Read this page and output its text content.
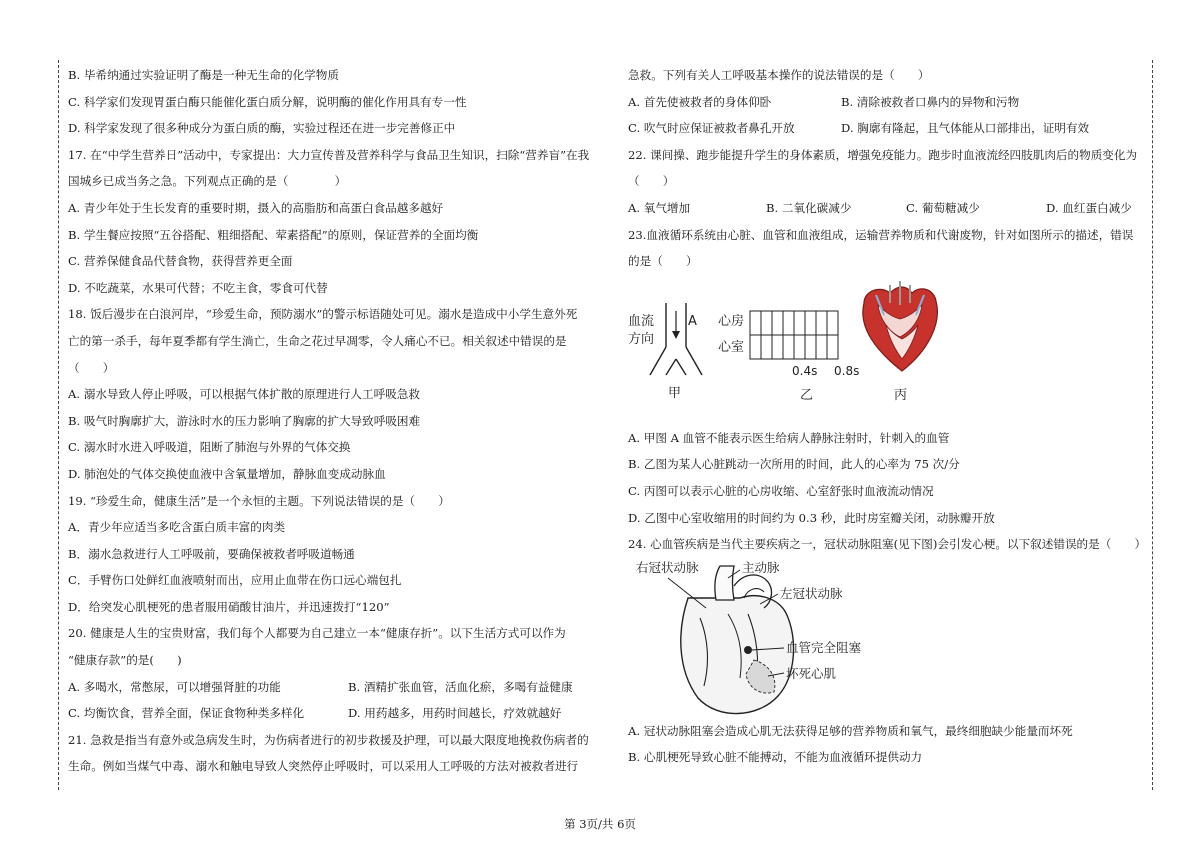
B. 毕希纳通过实验证明了酶是一种无生命的化学物质
C. 科学家们发现胃蛋白酶只能催化蛋白质分解，说明酶的催化作用具有专一性
D. 科学家发现了很多种成分为蛋白质的酶，实验过程还在进一步完善修正中
17. 在“中学生营养日”活动中，专家提出：大力宣传普及营养科学与食品卫生知识，扫除“营养盲”在我
国城乡已成当务之急。下列观点正确的是（　　　　）
A. 青少年处于生长发育的重要时期，摄入的高脂肪和高蛋白食品越多越好
B. 学生餐应按照“五谷搭配、粗细搭配、荤素搭配”的原则，保证营养的全面均衡
C. 营养保健食品代替食物，获得营养更全面
D. 不吃蔬菜，水果可代替；不吃主食，零食可代替
18. 饭后漫步在白浪河岸，“珍爱生命，预防溺水”的警示标语随处可见。溺水是造成中小学生意外死
亡的第一杀手，每年夏季都有学生淌亡，生命之花过早凋零，令人痛心不已。相关叙述中错误的是
（　　）
A. 溺水导致人停止呼吸，可以根据气体扩散的原理进行人工呼吸急救
B. 吸气时胸廓扩大，游泳时水的压力影响了胸廓的扩大导致呼吸困难
C. 溺水时水进入呼吸道，阻断了肺泡与外界的气体交换
D. 肺泡处的气体交换使血液中含氧量增加，静脉血变成动脉血
19. “珍爱生命，健康生活”是一个永恒的主题。下列说法错误的是（　　）
A．青少年应适当多吃含蛋白质丰富的肉类
B．溺水急救进行人工呼吸前，要确保被救者呼吸道畅通
C．手臂伤口处鲜红血液喷射而出，应用止血带在伤口远心端包扎
D．给突发心肌梗死的患者服用硝酸甘油片，并迅速拨打“120”
20. 健康是人生的宝贵财富，我们每个人都要为自己建立一本“健康存折”。以下生活方式可以作为
“健康存款”的是(　　)
A. 多喝水，常憋尿，可以增强肾脏的功能	B. 酒精扩张血管，活血化瘀，多喝有益健康
C. 均衡饮食，营养全面，保证食物种类多样化	D. 用药越多，用药时间越长，疗效就越好
21. 急救是指当有意外或急病发生时，为伤病者进行的初步救援及护理，可以最大限度地挽救伤病者的
生命。例如当煤气中毒、溺水和触电导致人突然停止呼吸时，可以采用人工呼吸的方法对被救者进行
急救。下列有关人工呼吸基本操作的说法错误的是（　　）
A. 首先使被救者的身体仰卧	B. 清除被救者口鼻内的异物和污物
C. 吹气时应保证被救者鼻孔开放	D. 胸廓有隆起，且气体能从口部排出，证明有效
22. 课间操、跑步能提升学生的身体素质，增强免疫能力。跑步时血液流经四肢肌肉后的物质变化为
（　　）
A. 氧气增加	B. 二氧化碳减少	C. 葡萄糖减少	D. 血红蛋白减少
23.血液循环系统由心脏、血管和血液组成，运输营养物质和代谢废物，针对如图所示的描述，错误
的是（　　）
血流
方向
A
甲
心房
心室
0.4s 0.8s
乙	丙
A. 甲图 A 血管不能表示医生给病人静脉注射时，针刺入的血管
B. 乙图为某人心脏跳动一次所用的时间，此人的心率为 75 次/分
C. 丙图可以表示心脏的心房收缩、心室舒张时血液流动情况
D. 乙图中心室收缩用的时间约为 0.3 秒，此时房室瓣关闭，动脉瓣开放
24. 心血管疾病是当代主要疾病之一，冠状动脉阻塞(见下图)会引发心梗。以下叙述错误的是（　　）
右冠状动脉	主动脉
左冠状动脉
血管完全阻塞
坏死心肌
A. 冠状动脉阻塞会造成心肌无法获得足够的营养物质和氧气，最终细胞缺少能量而坏死
B. 心肌梗死导致心脏不能搏动，不能为血液循环提供动力
第 3页/共 6页
